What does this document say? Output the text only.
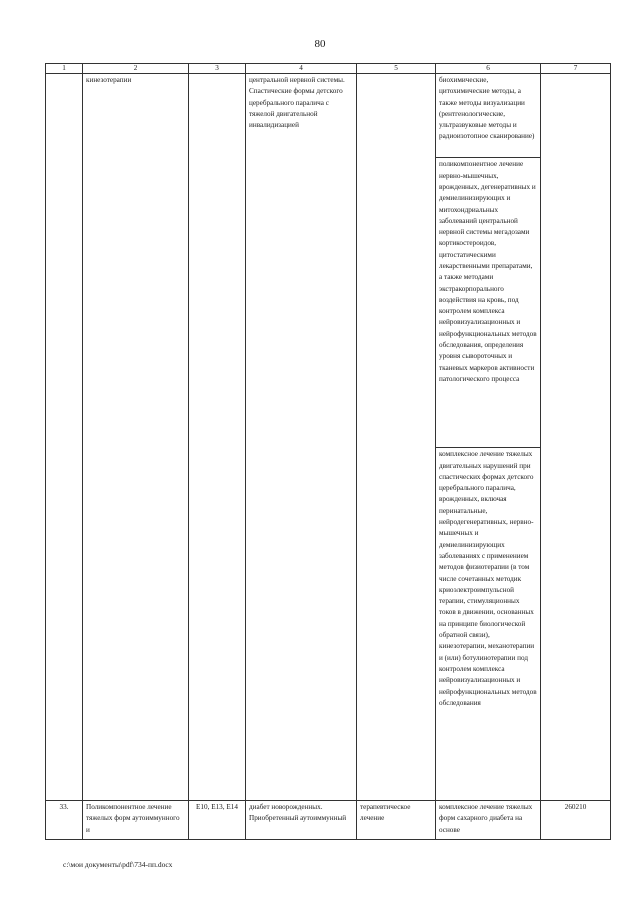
80
1	2	3	4	5	6	7
	кинезотерапии		центральной нервной системы. Спастические формы детского церебрального паралича с тяжелой двигательной инвалидизацией		биохимические, цитохимические методы, а также методы визуализации (рентгенологические, ультразвуковые методы и радиоизотопное сканирование)	
					поликомпонентное лечение нервно-мышечных, врожденных, дегенеративных и демиелинизирующих и митохондриальных заболеваний центральной нервной системы мегадозами кортикостероидов, цитостатическими лекарственными препаратами, а также методами экстракорпорального воздействия на кровь, под контролем комплекса нейровизуализационных и нейрофункциональных методов обследования, определения уровня сывороточных и тканевых маркеров активности патологического процесса	
					комплексное лечение тяжелых двигательных нарушений при спастических формах детского церебрального паралича, врожденных, включая перинатальные, нейродегенеративных, нервно-мышечных и демиелинизирующих заболеваниях с применением методов физиотерапии (в том числе сочетанных методик криоэлектроимпульсной терапии, стимуляционных токов в движении, основанных на принципе биологической обратной связи), кинезотерапии, механотерапии и (или) ботулинотерапии под контролем комплекса нейровизуализационных и нейрофункциональных методов обследования	
33.	Поликомпонентное лечение тяжелых форм аутоиммунного и	E10, E13, E14	диабет новорожденных. Приобретенный аутоиммунный	терапевтическое лечение	комплексное лечение тяжелых форм сахарного диабета на основе	260210
c:\мои документы\pdf\734-пп.docx
